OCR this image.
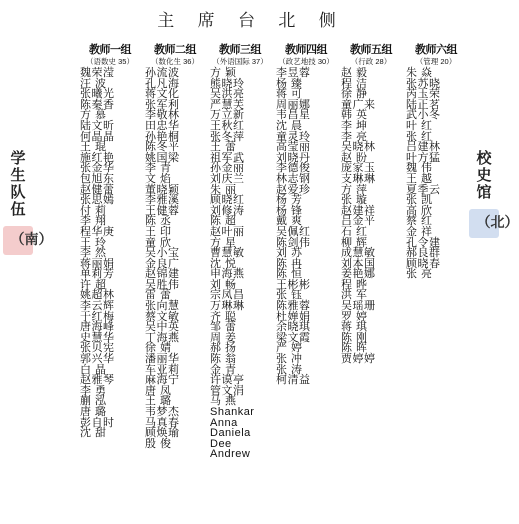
主 席 台 北 侧
学生队伍
（南）
校史馆
（北）
教师一组
（语数史 35）
魏荣滢
汪 波
张曦光
陈秦香
方 慕
陆文昕
何晶晶
王 琨
施红艳
张金华
包旭东
赵健蕾
张思嫣
付 莉
李 翔
程华庚
王 玲
李 然
蒋丽娟
单莉芳
许 超
姚超林
李云辉
于红梅
唐海峰
史慧华
张贝宪
郭兴华
白 晶
赵雅琴
李 勇
蒯 泓
唐 璐
彭自时
沈 甜
教师二组
（数化生 36）
孙流波
孔凡海
蒋文化
张军利
李敬林
田忠华
孙艳桐
陈冬平
姚国梁
李 青
文 焰
董晓颖
李雅溪
王健蓉
陈 丞
王 印
童 欣
吴小宝
金良广
赵锦建
吴胜伟
雷 蕾
张向慧
蔡文敏
吴中英
丁海燕
徐 婧
潘丽华
车亚莉
麻海宁
唐 凤
王 璐
韦梦杰
马真春
顾焕瑜
殷 俊
教师三组
（外语国际 37）
方 颖
熊晓玲
吴洪亮
严慧芙
万立新
王秋红
张冬萍
王 蕾
祖军武
孙金丽
刘庆兰
朱 丽
顾晓红
刘修涛
陈 超
赵叶丽
方 星
曹慧敏
沈 悦
申海燕
刘 畅
宗凤昌
万琳琳
齐 聪
邹 蕾
周 姜
郝 扬
陈 翁
金 青
许谟亭
管文涓
马 燕
Shankar
Anna
Daniela
Dee
Andrew
教师四组
（政艺地技 30）
李昱蓉
杨 臻
蒋 可
周丽娜
韦昌星
沈 晨
童灵玲
高莹丽
刘晓丹
李德俊
林志钢
赵爱珍
杨 芳
杨 锋
戴 爽
吴佩红
陈剑伟
刘 苏
陈 冉
陈 恒
王彬彬
张 钰
陈雅蓉
杜婵娟
余晓琪
梁文霞
严 婷
张 冲
张 涛
柯清益
教师五组
（行政 28）
赵 毅
程 洁
徐 静
童广来
韩 英
李 坤
李 亮
吴晓林
赵 盼
庞家玉
支琳琳
方 萍
张 璇
赵建祥
吕金平
石 红
柳 辉
成慧敏
刘本国
姜艳娜
程 晔
洪 军
吴瑶珊
罗 婷
蒋 琪
陈 刚
陈 晖
贾婷婷
教师六组
（管理 20）
朱 焱
张苏晓
芮玉荣
陆正茗
武小冬
叶 红
张 红
吕建林
叶方猛
魏 伟
王 越
夏季云
张 凯
高 欣
蔡 红
金 祥
孔令建
郝良群
顾晓春
张 亮
